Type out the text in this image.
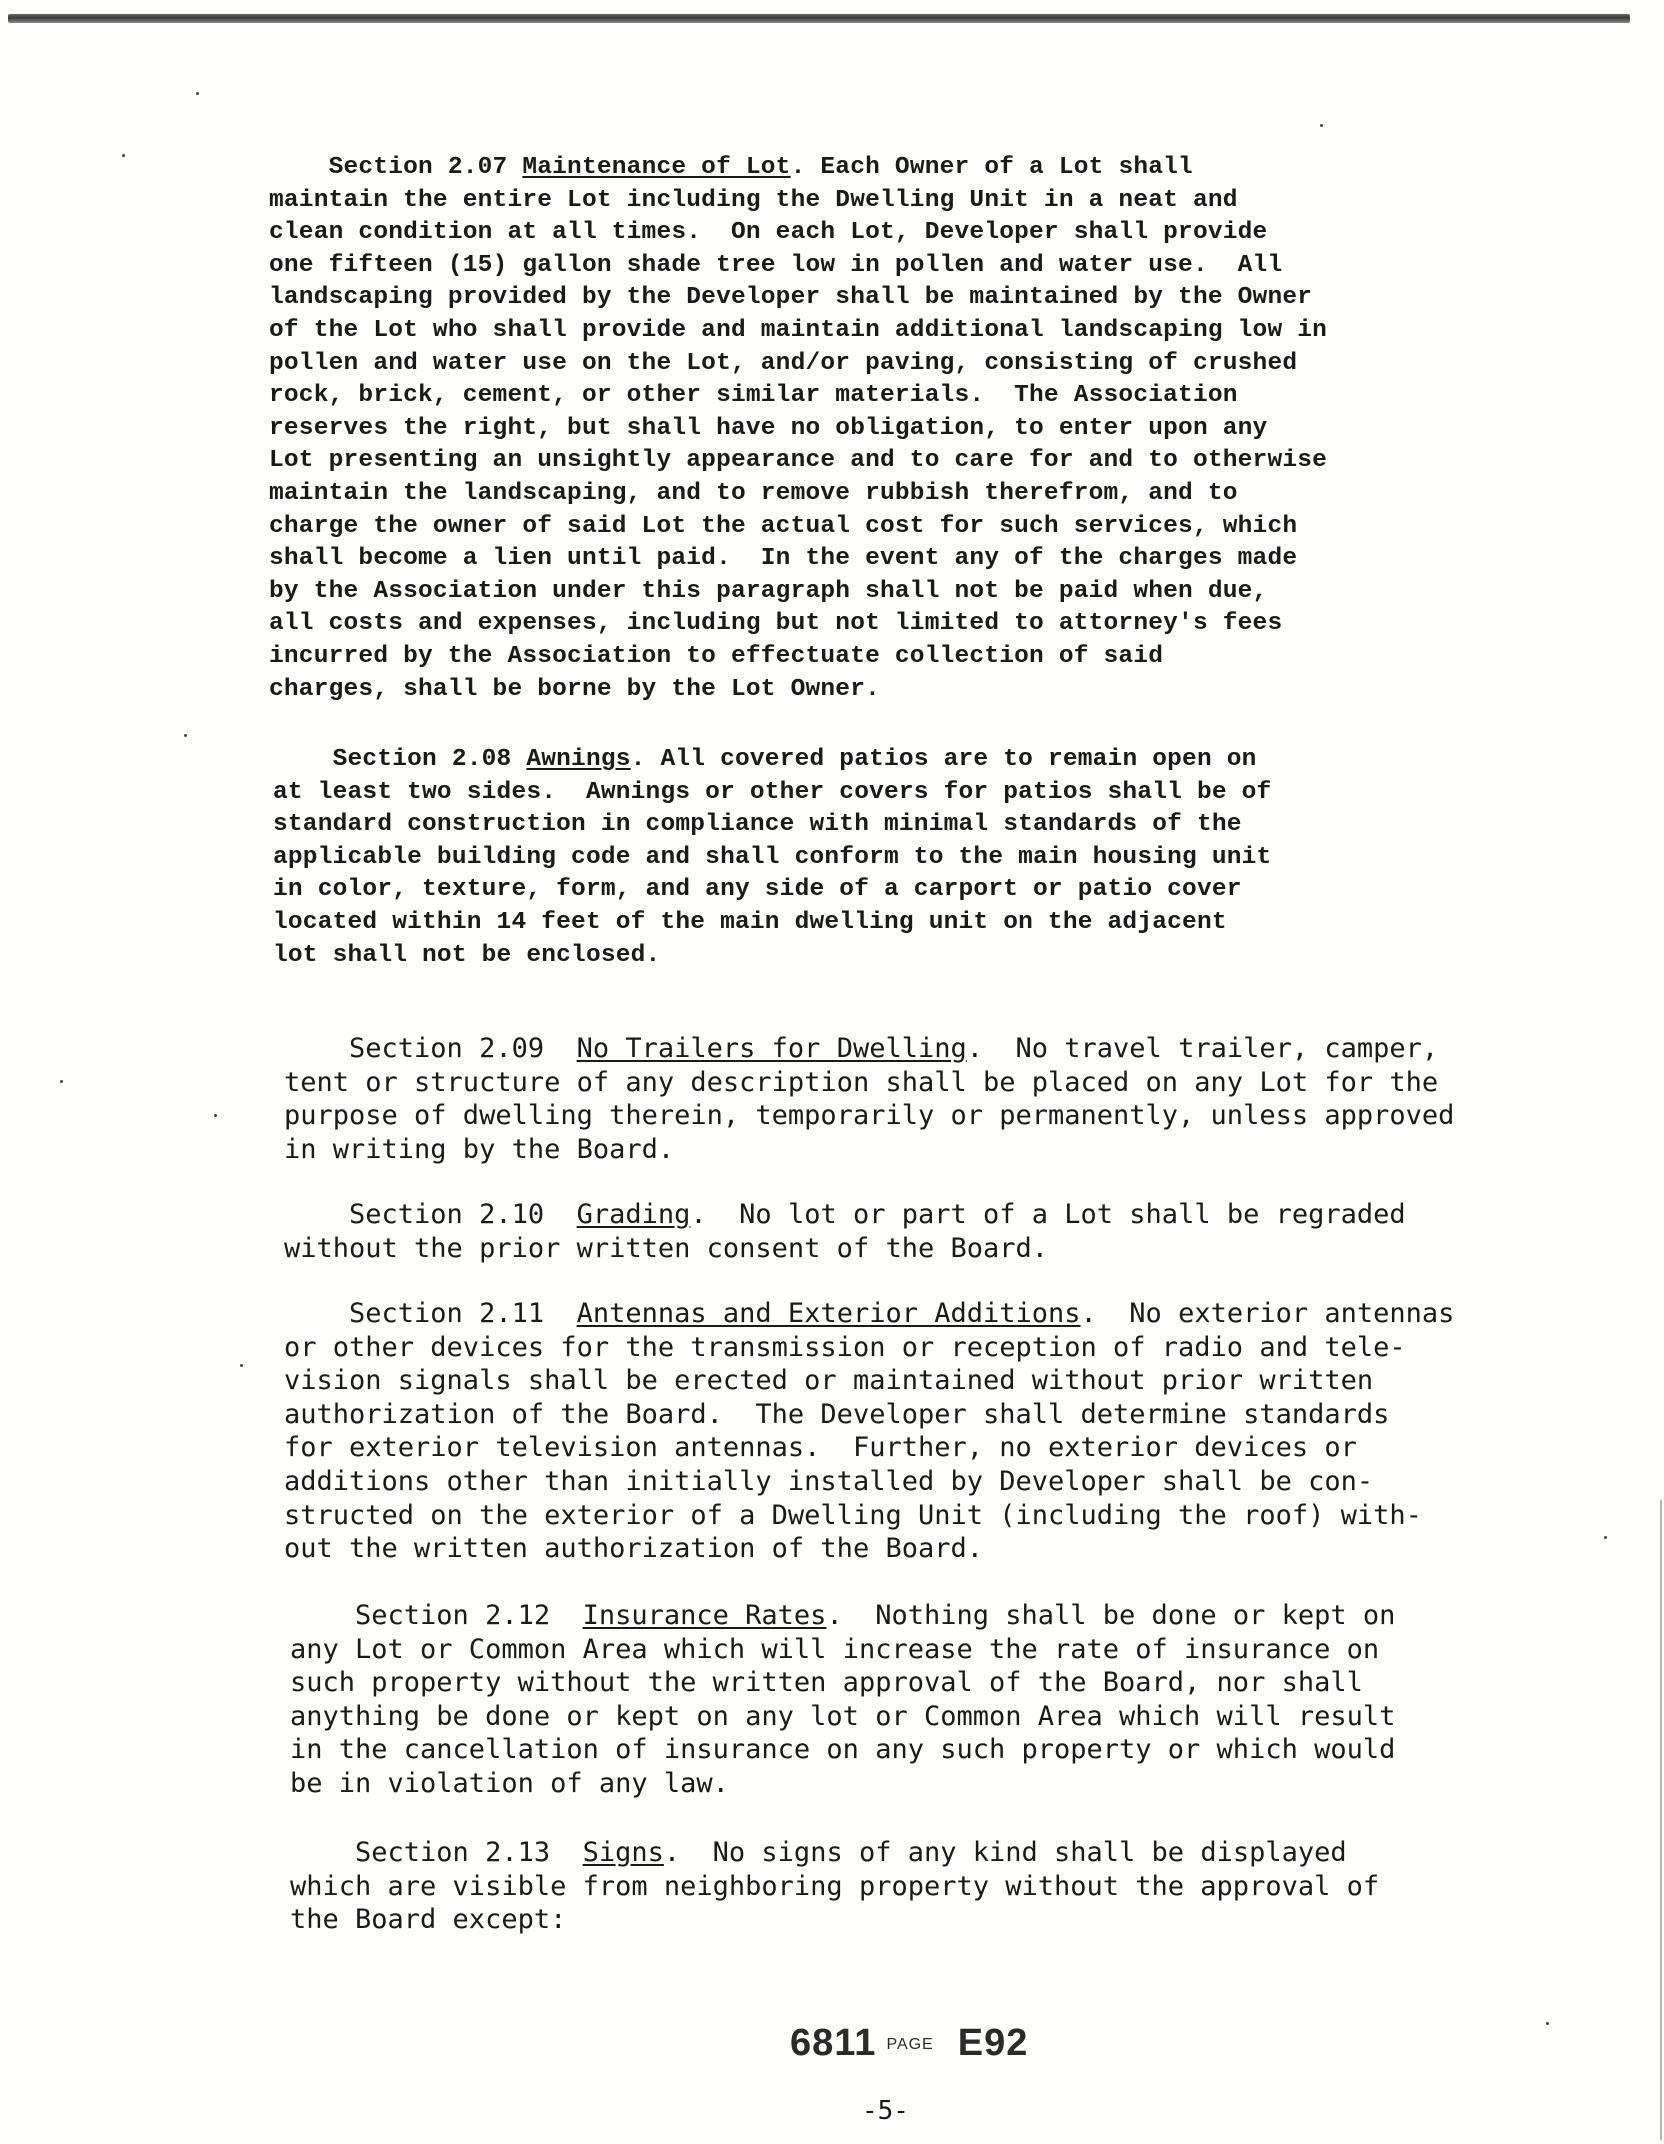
Section 2.07 Maintenance of Lot. Each Owner of a Lot shall
maintain the entire Lot including the Dwelling Unit in a neat and
clean condition at all times.  On each Lot, Developer shall provide
one fifteen (15) gallon shade tree low in pollen and water use.  All
landscaping provided by the Developer shall be maintained by the Owner
of the Lot who shall provide and maintain additional landscaping low in
pollen and water use on the Lot, and/or paving, consisting of crushed
rock, brick, cement, or other similar materials.  The Association
reserves the right, but shall have no obligation, to enter upon any
Lot presenting an unsightly appearance and to care for and to otherwise
maintain the landscaping, and to remove rubbish therefrom, and to
charge the owner of said Lot the actual cost for such services, which
shall become a lien until paid.  In the event any of the charges made
by the Association under this paragraph shall not be paid when due,
all costs and expenses, including but not limited to attorney's fees
incurred by the Association to effectuate collection of said
charges, shall be borne by the Lot Owner.
Section 2.08 Awnings. All covered patios are to remain open on
at least two sides.  Awnings or other covers for patios shall be of
standard construction in compliance with minimal standards of the
applicable building code and shall conform to the main housing unit
in color, texture, form, and any side of a carport or patio cover
located within 14 feet of the main dwelling unit on the adjacent
lot shall not be enclosed.
Section 2.09  No Trailers for Dwelling.  No travel trailer, camper,
tent or structure of any description shall be placed on any Lot for the
purpose of dwelling therein, temporarily or permanently, unless approved
in writing by the Board.
Section 2.10  Grading.  No lot or part of a Lot shall be regraded
without the prior written consent of the Board.
Section 2.11  Antennas and Exterior Additions.  No exterior antennas
or other devices for the transmission or reception of radio and tele-
vision signals shall be erected or maintained without prior written
authorization of the Board.  The Developer shall determine standards
for exterior television antennas.  Further, no exterior devices or
additions other than initially installed by Developer shall be con-
structed on the exterior of a Dwelling Unit (including the roof) with-
out the written authorization of the Board.
Section 2.12  Insurance Rates.  Nothing shall be done or kept on
any Lot or Common Area which will increase the rate of insurance on
such property without the written approval of the Board, nor shall
anything be done or kept on any lot or Common Area which will result
in the cancellation of insurance on any such property or which would
be in violation of any law.
Section 2.13  Signs.  No signs of any kind shall be displayed
which are visible from neighboring property without the approval of
the Board except:
6811 PAGE E92
-5-
